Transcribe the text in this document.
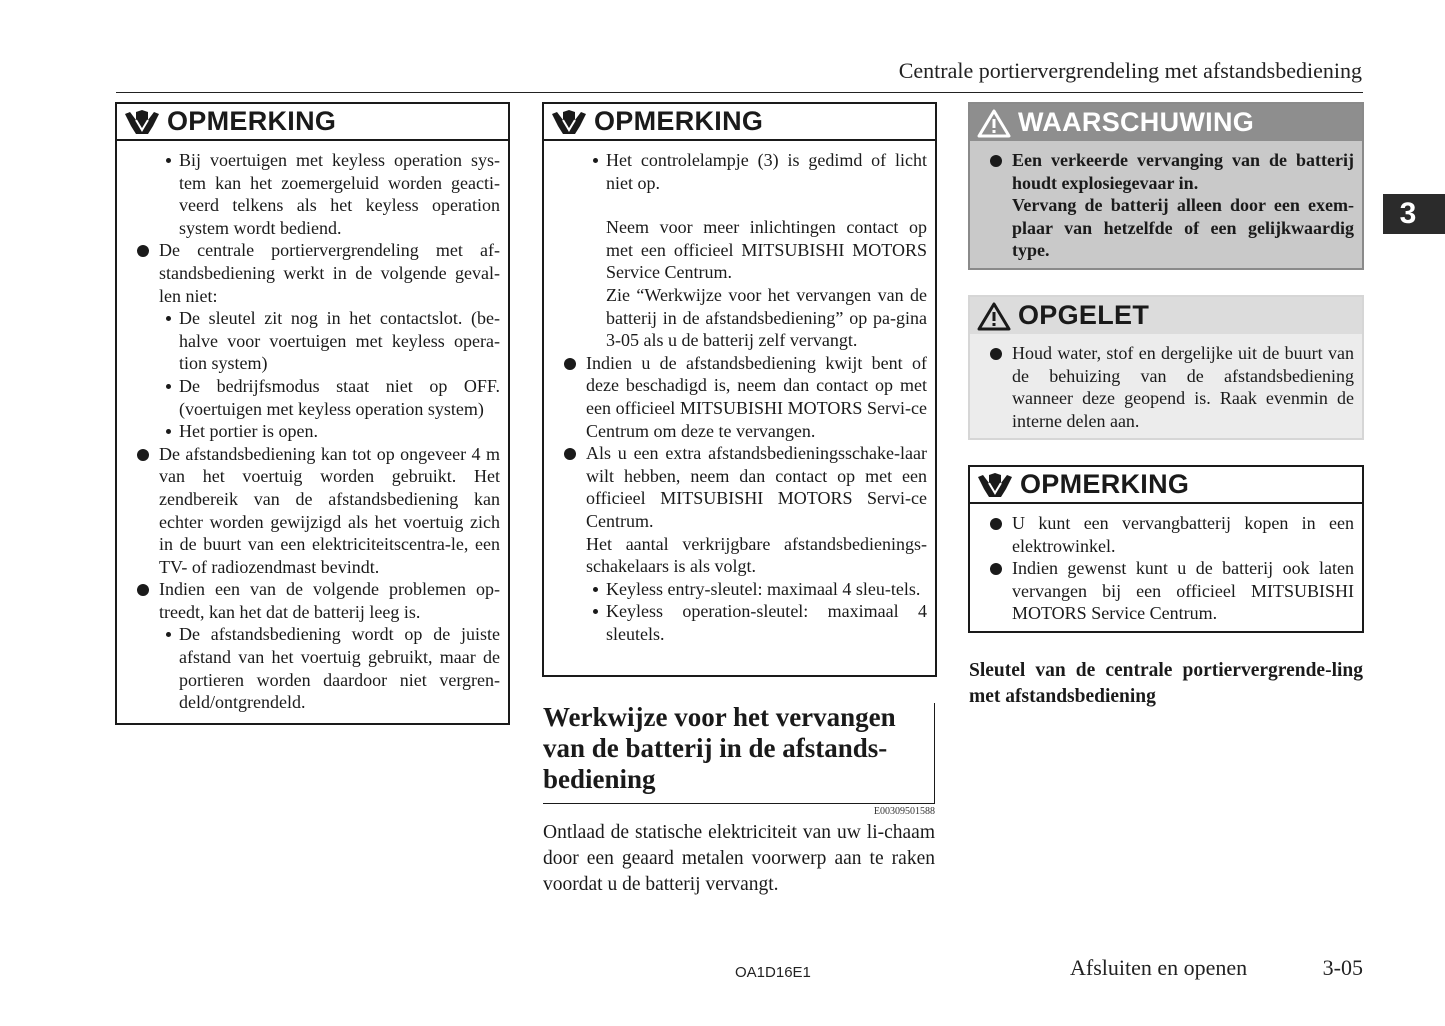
Centrale portiervergrendeling met afstandsbediening
3
OPMERKING
Bij voertuigen met keyless operation sys-tem kan het zoemergeluid worden geacti-veerd telkens als het keyless operation system wordt bediend.
De centrale portiervergrendeling met af-standsbediening werkt in de volgende geval-len niet:
De sleutel zit nog in het contactslot. (be-halve voor voertuigen met keyless opera-tion system)
De bedrijfsmodus staat niet op OFF. (voertuigen met keyless operation system)
Het portier is open.
De afstandsbediening kan tot op ongeveer 4 m van het voertuig worden gebruikt. Het zendbereik van de afstandsbediening kan echter worden gewijzigd als het voertuig zich in de buurt van een elektriciteitscentra-le, een TV- of radiozendmast bevindt.
Indien een van de volgende problemen op-treedt, kan het dat de batterij leeg is.
De afstandsbediening wordt op de juiste afstand van het voertuig gebruikt, maar de portieren worden daardoor niet vergren-deld/ontgrendeld.
OPMERKING
Het controlelampje (3) is gedimd of licht niet op.
Neem voor meer inlichtingen contact op met een officieel MITSUBISHI MOTORS Service Centrum.
Zie “Werkwijze voor het vervangen van de batterij in de afstandsbediening” op pa-gina 3-05 als u de batterij zelf vervangt.
Indien u de afstandsbediening kwijt bent of deze beschadigd is, neem dan contact op met een officieel MITSUBISHI MOTORS Servi-ce Centrum om deze te vervangen.
Als u een extra afstandsbedieningsschake-laar wilt hebben, neem dan contact op met een officieel MITSUBISHI MOTORS Servi-ce Centrum.
Het aantal verkrijgbare afstandsbedienings-schakelaars is als volgt.
Keyless entry-sleutel: maximaal 4 sleu-tels.
Keyless operation-sleutel: maximaal 4 sleutels.
Werkwijze voor het vervangen van de batterij in de afstands-bediening
E00309501588
Ontlaad de statische elektriciteit van uw li-chaam door een geaard metalen voorwerp aan te raken voordat u de batterij vervangt.
WAARSCHUWING
Een verkeerde vervanging van de batterij houdt explosiegevaar in.
Vervang de batterij alleen door een exem-plaar van hetzelfde of een gelijkwaardig type.
OPGELET
Houd water, stof en dergelijke uit de buurt van de behuizing van de afstandsbediening wanneer deze geopend is. Raak evenmin de interne delen aan.
OPMERKING
U kunt een vervangbatterij kopen in een elektrowinkel.
Indien gewenst kunt u de batterij ook laten vervangen bij een officieel MITSUBISHI MOTORS Service Centrum.
Sleutel van de centrale portiervergrende-ling met afstandsbediening
OA1D16E1	Afsluiten en openen	3-05
